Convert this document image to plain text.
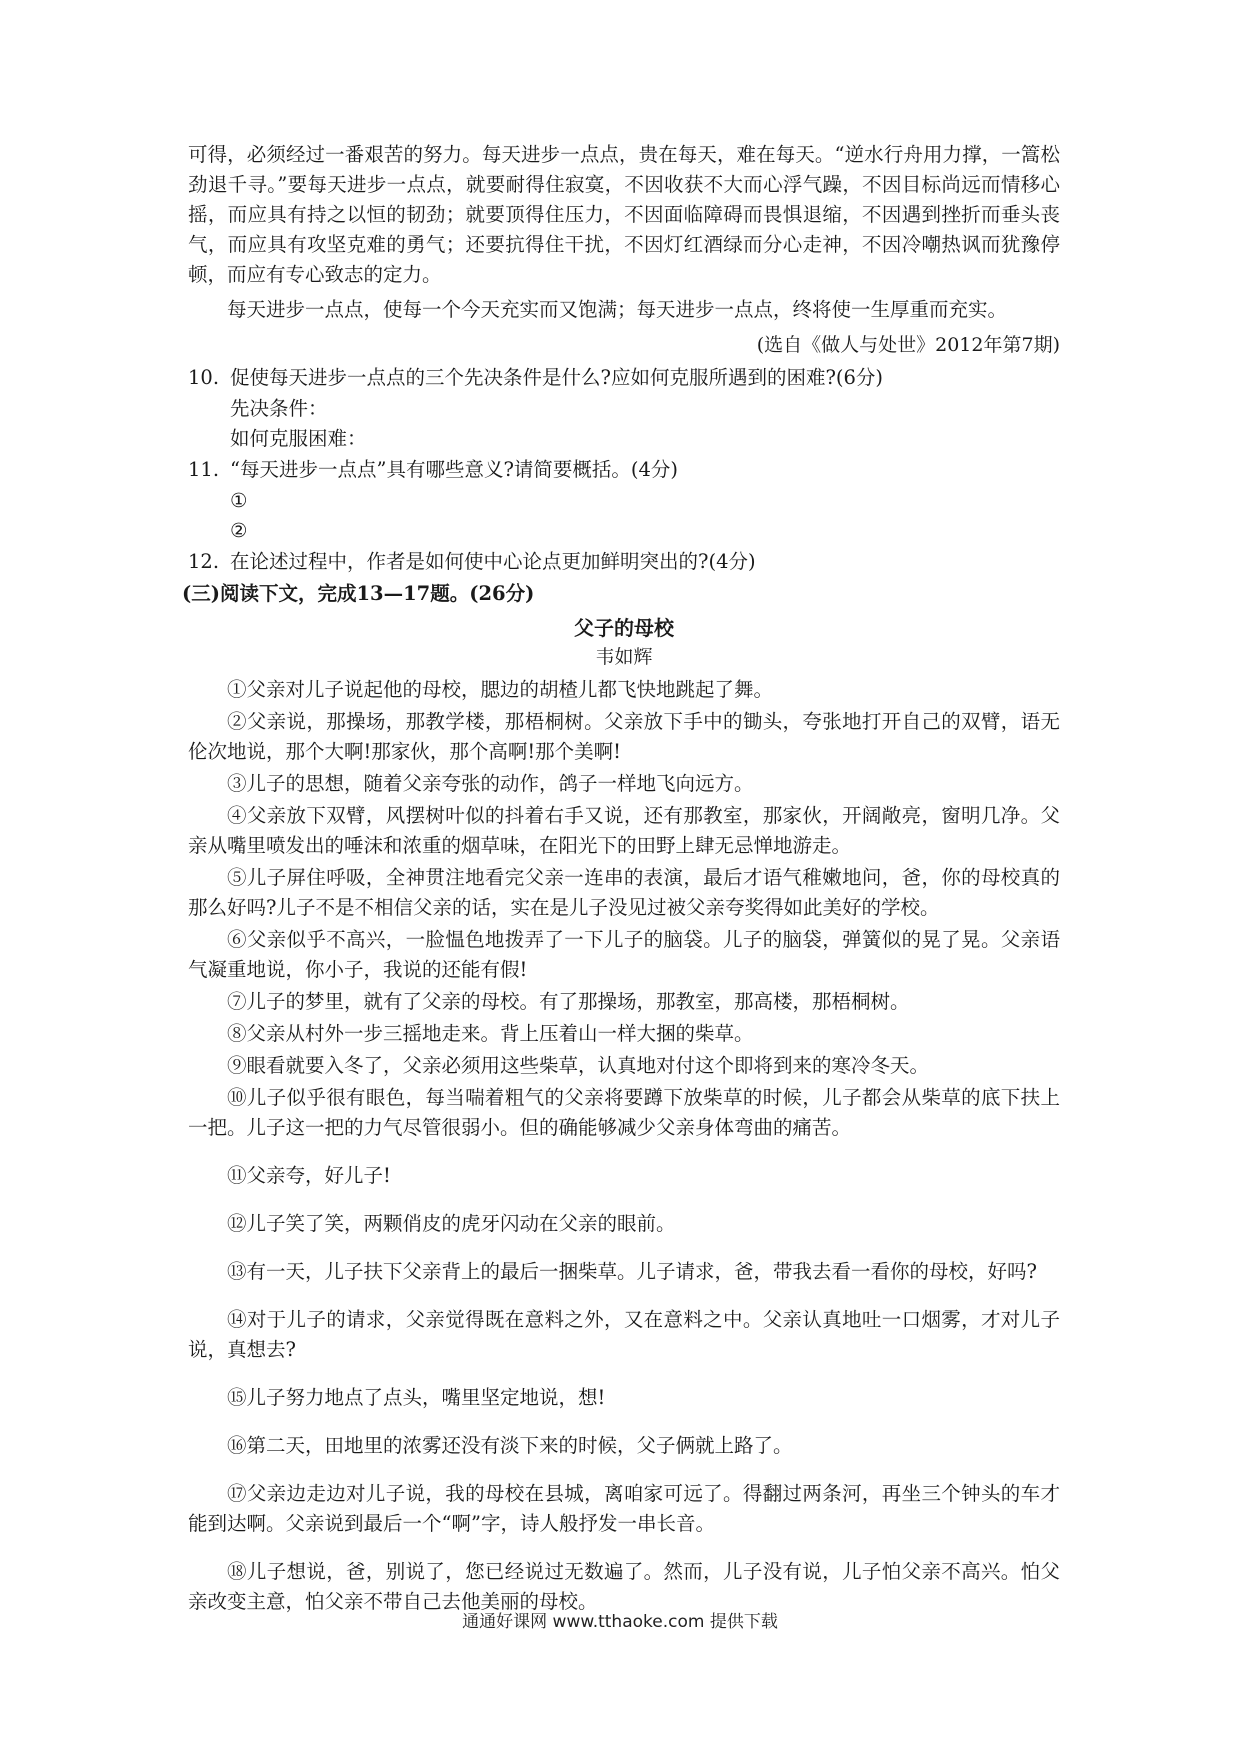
可得，必须经过一番艰苦的努力。每天进步一点点，贵在每天，难在每天。“逆水行舟用力撑，一篙松劲退千寻。”要每天进步一点点，就要耐得住寂寞，不因收获不大而心浮气躁，不因目标尚远而情移心摇，而应具有持之以恒的韧劲；就要顶得住压力，不因面临障碍而畏惧退缩，不因遇到挫折而垂头丧气，而应具有攻坚克难的勇气；还要抗得住干扰，不因灯红酒绿而分心走神，不因冷嘲热讽而犹豫停顿，而应有专心致志的定力。

每天进步一点点，使每一个今天充实而又饱满；每天进步一点点，终将使一生厚重而充实。

(选自《做人与处世》2012年第7期)

10. 促使每天进步一点点的三个先决条件是什么?应如何克服所遇到的困难?(6分)

先决条件：

如何克服困难：

11. “每天进步一点点”具有哪些意义?请简要概括。(4分)

①

②

12. 在论述过程中，作者是如何使中心论点更加鲜明突出的?(4分)

(三)阅读下文，完成13—17题。(26分)

父子的母校

韦如辉

①父亲对儿子说起他的母校，腮边的胡楂儿都飞快地跳起了舞。

②父亲说，那操场，那教学楼，那梧桐树。父亲放下手中的锄头，夸张地打开自己的双臂，语无伦次地说，那个大啊!那家伙，那个高啊!那个美啊!

③儿子的思想，随着父亲夸张的动作，鸽子一样地飞向远方。

④父亲放下双臂，风摆树叶似的抖着右手又说，还有那教室，那家伙，开阔敞亮，窗明几净。父亲从嘴里喷发出的唾沫和浓重的烟草味，在阳光下的田野上肆无忌惮地游走。

⑤儿子屏住呼吸，全神贯注地看完父亲一连串的表演，最后才语气稚嫩地问，爸，你的母校真的那么好吗?儿子不是不相信父亲的话，实在是儿子没见过被父亲夸奖得如此美好的学校。

⑥父亲似乎不高兴，一脸愠色地拨弄了一下儿子的脑袋。儿子的脑袋，弹簧似的晃了晃。父亲语气凝重地说，你小子，我说的还能有假!

⑦儿子的梦里，就有了父亲的母校。有了那操场，那教室，那高楼，那梧桐树。

⑧父亲从村外一步三摇地走来。背上压着山一样大捆的柴草。

⑨眼看就要入冬了，父亲必须用这些柴草，认真地对付这个即将到来的寒冷冬天。

⑩儿子似乎很有眼色，每当喘着粗气的父亲将要蹲下放柴草的时候，儿子都会从柴草的底下扶上一把。儿子这一把的力气尽管很弱小。但的确能够减少父亲身体弯曲的痛苦。

⑪父亲夸，好儿子!

⑫儿子笑了笑，两颗俏皮的虎牙闪动在父亲的眼前。

⑬有一天，儿子扶下父亲背上的最后一捆柴草。儿子请求，爸，带我去看一看你的母校，好吗?

⑭对于儿子的请求，父亲觉得既在意料之外，又在意料之中。父亲认真地吐一口烟雾，才对儿子说，真想去?

⑮儿子努力地点了点头，嘴里坚定地说，想!

⑯第二天，田地里的浓雾还没有淡下来的时候，父子俩就上路了。

⑰父亲边走边对儿子说，我的母校在县城，离咱家可远了。得翻过两条河，再坐三个钟头的车才能到达啊。父亲说到最后一个“啊”字，诗人般抒发一串长音。

⑱儿子想说，爸，别说了，您已经说过无数遍了。然而，儿子没有说，儿子怕父亲不高兴。怕父亲改变主意，怕父亲不带自己去他美丽的母校。

通通好课网 www.tthaoke.com 提供下载
